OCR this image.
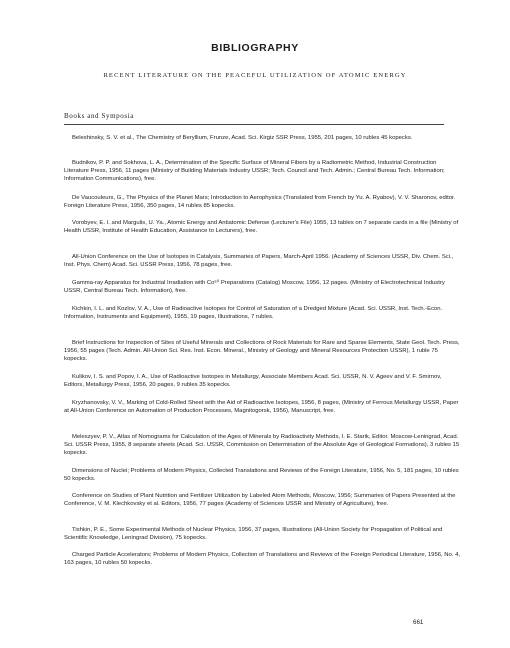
BIBLIOGRAPHY
RECENT LITERATURE ON THE PEACEFUL UTILIZATION OF ATOMIC ENERGY
Books and Symposia
Beleshinsky, S. V. et al., The Chemistry of Beryllium, Frunze, Acad. Sci. Kirgiz SSR Press, 1955, 201 pages, 10 rubles 45 kopecks.
Budnikov, P. P. and Sokhova, L. A., Determination of the Specific Surface of Mineral Fibers by a Radiometric Method, Industrial Construction Literature Press, 1956, 11 pages (Ministry of Building Materials Industry USSR; Tech. Council and Tech. Admin.; Central Bureau Tech. Information; Information Communications), free.
De Vaucouleurs, G., The Physics of the Planet Mars; Introduction to Aerophysics (Translated from French by Yu. A. Ryabov), V. V. Sharonov, editor. Foreign Literature Press, 1956, 350 pages, 14 rubles 85 kopecks.
Vorobyev, E. I. and Margulis, U. Ya., Atomic Energy and Antiatomic Defense (Lecturer's File) 1955, 13 tables on 7 separate cards in a file (Ministry of Health USSR, Institute of Health Education, Assistance to Lecturers), free.
All-Union Conference on the Use of Isotopes in Catalysis, Summaries of Papers, March-April 1956. (Academy of Sciences USSR, Div. Chem. Sci., Inst. Phys. Chem) Acad. Sci. USSR Press, 1956, 78 pages, free.
Gamma-ray Apparatus for Industrial Irradiation with Co⁶⁰ Preparations (Catalog) Moscow, 1956, 12 pages. (Ministry of Electrotechnical Industry USSR, Central Bureau Tech. Information), free.
Kichkin, I. L. and Kozlov, V. A., Use of Radioactive Isotopes for Control of Saturation of a Dredged Mixture (Acad. Sci. USSR, Inst. Tech.-Econ. Information, Instruments and Equipment), 1955, 19 pages, Illustrations, 7 rubles.
Brief Instructions for Inspection of Sites of Useful Minerals and Collections of Rock Materials for Rare and Sparse Elements, State Geol. Tech. Press, 1956, 55 pages (Tech. Admin. All-Union Sci. Res. Inst. Econ. Mineral., Ministry of Geology and Mineral Resources Protection USSR), 1 ruble 75 kopecks.
Kulikov, I. S. and Popov, I. A., Use of Radioactive Isotopes in Metallurgy, Associate Members Acad. Sci. USSR, N. V. Ageev and V. F. Smirnov, Editors, Metallurgy Press, 1956, 20 pages, 9 rubles 35 kopecks.
Kryzhanovsky, V. V., Marking of Cold-Rolled Sheet with the Aid of Radioactive Isotopes, 1956, 8 pages, (Ministry of Ferrous Metallurgy USSR, Paper at All-Union Conference on Automation of Production Processes, Magnitogorsk, 1956), Manuscript, free.
Meleszyev, P. V., Atlas of Nomograms for Calculation of the Ages of Minerals by Radioactivity Methods, I. E. Starik, Editor. Moscow-Leningrad, Acad. Sci. USSR Press, 1955, 8 separate sheets (Acad. Sci. USSR, Commission on Determination of the Absolute Age of Geological Formations), 3 rubles 15 kopecks.
Dimensions of Nuclei; Problems of Modern Physics, Collected Translations and Reviews of the Foreign Literature, 1956, No. 5, 181 pages, 10 rubles 50 kopecks.
Conference on Studies of Plant Nutrition and Fertilizer Utilization by Labeled Atom Methods, Moscow, 1956; Summaries of Papers Presented at the Conference, V. M. Klechkovsky et al. Editors, 1956, 77 pages (Academy of Sciences USSR and Ministry of Agriculture), free.
Tishkin, P. E., Some Experimental Methods of Nuclear Physics, 1956, 37 pages, Illustrations (All-Union Society for Propagation of Political and Scientific Knowledge, Leningrad Division), 75 kopecks.
Charged Particle Accelerators; Problems of Modern Physics, Collection of Translations and Reviews of the Foreign Periodical Literature, 1956, No. 4, 163 pages, 10 rubles 50 kopecks.
661
